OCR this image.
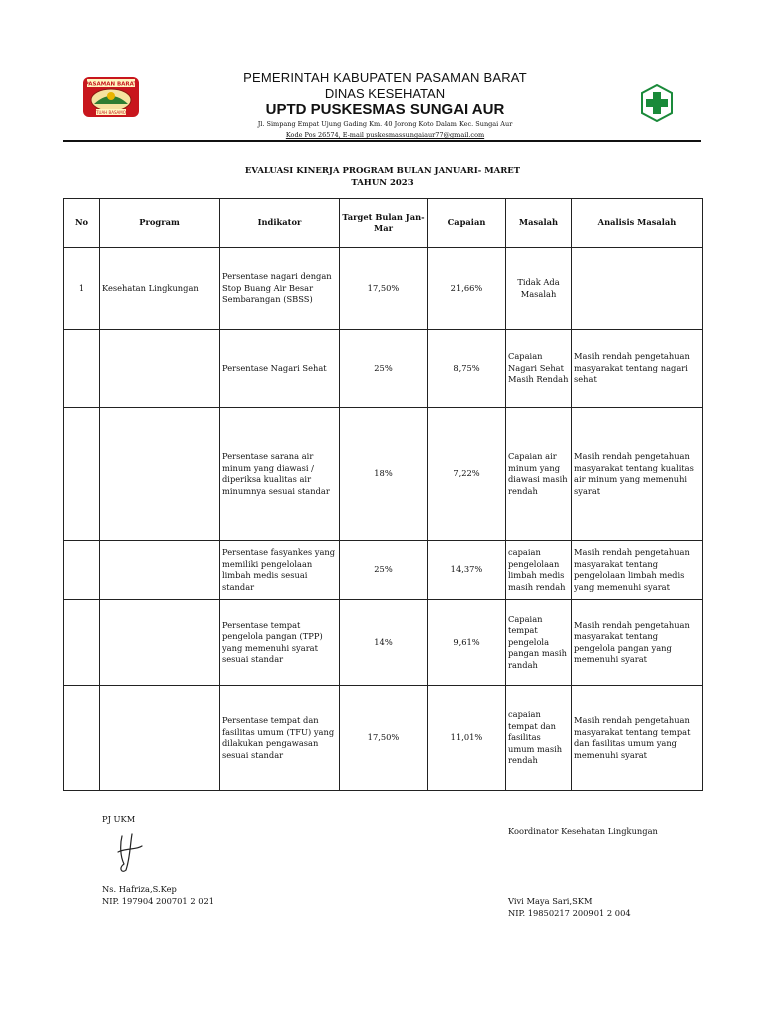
PASAMAN BARAT
TUAH BASAMO
PEMERINTAH KABUPATEN PASAMAN BARAT
DINAS KESEHATAN
UPTD PUSKESMAS SUNGAI AUR
Jl. Simpang Empat Ujung Gading Km. 40 Jorong Koto Dalam Kec. Sungai Aur
Kode Pos 26574, E-mail puskesmassungaiaur77@gmail.com
EVALUASI KINERJA PROGRAM BULAN JANUARI- MARET
TAHUN 2023
No	Program	Indikator	Target Bulan Jan-Mar	Capaian	Masalah	Analisis Masalah
1	Kesehatan Lingkungan	Persentase nagari dengan Stop Buang Air Besar Sembarangan (SBSS)	17,50%	21,66%	Tidak Ada Masalah	
		Persentase Nagari Sehat	25%	8,75%	Capaian Nagari Sehat Masih Rendah	Masih rendah pengetahuan masyarakat tentang nagari sehat
		Persentase sarana air minum yang diawasi / diperiksa kualitas air minumnya sesuai standar	18%	7,22%	Capaian air minum yang diawasi masih rendah	Masih rendah pengetahuan masyarakat tentang kualitas air minum yang memenuhi syarat
		Persentase fasyankes yang memiliki pengelolaan limbah medis sesuai standar	25%	14,37%	capaian pengelolaan limbah medis masih rendah	Masih rendah pengetahuan masyarakat tentang pengelolaan limbah medis yang memenuhi syarat
		Persentase tempat pengelola pangan (TPP) yang memenuhi syarat sesuai standar	14%	9,61%	Capaian tempat pengelola pangan masih randah	Masih rendah pengetahuan masyarakat tentang pengelola pangan yang memenuhi syarat
		Persentase tempat dan fasilitas umum (TFU) yang dilakukan pengawasan sesuai standar	17,50%	11,01%	capaian tempat dan fasilitas umum masih rendah	Masih rendah pengetahuan masyarakat tentang tempat dan fasilitas umum yang memenuhi syarat
PJ UKM
Ns. Hafriza,S.Kep
NIP. 197904 200701 2 021
Koordinator Kesehatan Lingkungan
Vivi Maya Sari,SKM
NIP. 19850217 200901 2 004
